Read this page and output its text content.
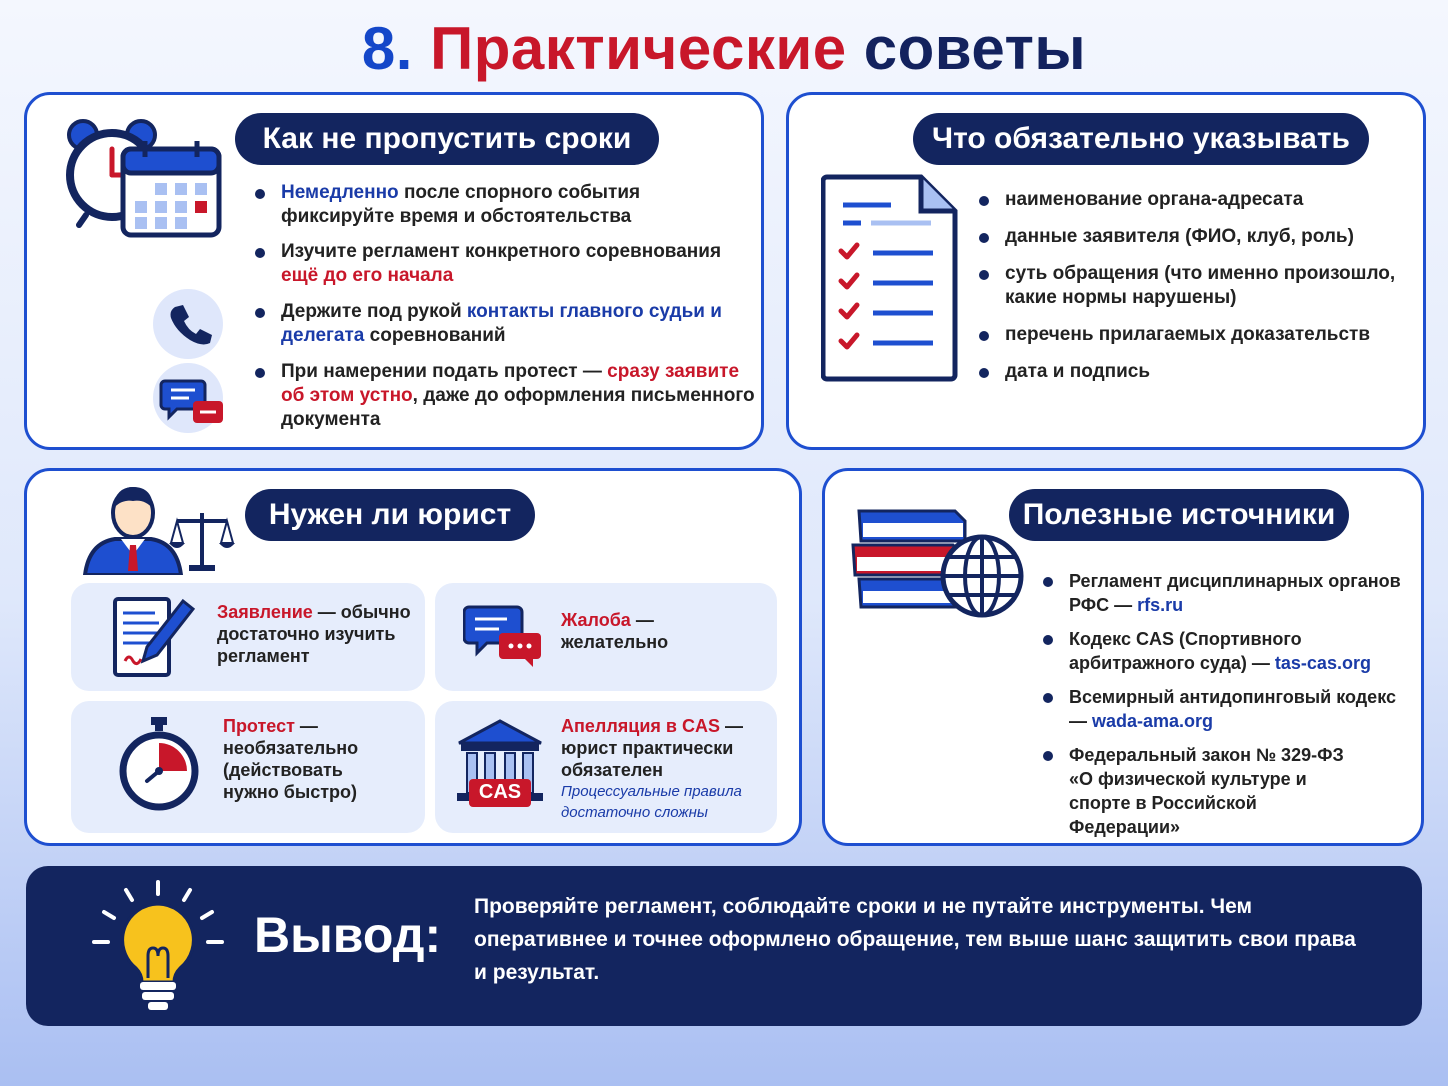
8. Практические советы
Как не пропустить сроки
Немедленно после спорного события фиксируйте время и обстоятельства
Изучите регламент конкретного соревнования ещё до его начала
Держите под рукой контакты главного судьи и делегата соревнований
При намерении подать протест — сразу заявите об этом устно, даже до оформления письменного документа
Что обязательно указывать
наименование органа-адресата
данные заявителя (ФИО, клуб, роль)
суть обращения (что именно произошло, какие нормы нарушены)
перечень прилагаемых доказательств
дата и подпись
Нужен ли юрист
Заявление — обычно достаточно изучить регламент
Жалоба — желательно
Протест — необязательно (действовать нужно быстро)	CAS
Апелляция в CAS — юрист практически обязателен
Процессуальные правила достаточно сложны
Полезные источники
Регламент дисциплинарных органов РФС — rfs.ru
Кодекс CAS (Спортивного арбитражного суда) — tas-cas.org
Всемирный антидопинговый кодекс — wada-ama.org
Федеральный закон № 329-ФЗ «О физической культуре и спорте в Российской Федерации»
Вывод:
Проверяйте регламент, соблюдайте сроки и не путайте инструменты. Чем оперативнее и точнее оформлено обращение, тем выше шанс защитить свои права и результат.
